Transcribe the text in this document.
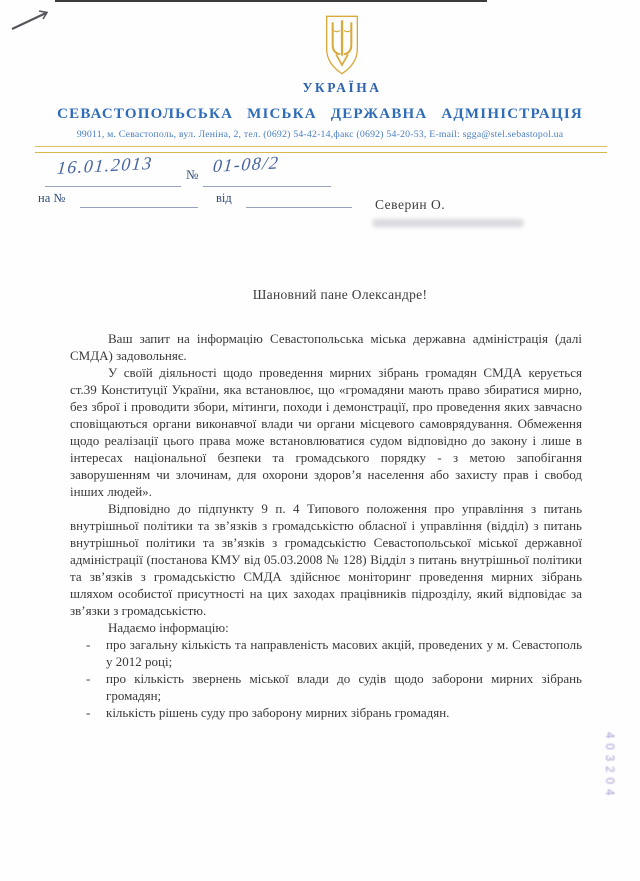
УКРАЇНА
СЕВАСТОПОЛЬСЬКА МІСЬКА ДЕРЖАВНА АДМІНІСТРАЦІЯ
99011, м. Севастополь, вул. Леніна, 2, тел. (0692) 54-42-14,факс (0692) 54-20-53, E-mail: sgga@stel.sebastopol.ua
16.01.2013 № 01-08/2
на №	від	Северин О.
Шановний пане Олександре!

Ваш запит на інформацію Севастопольська міська державна адміністрація (далі СМДА) задовольняє.

У своїй діяльності щодо проведення мирних зібрань громадян СМДА керується ст.39 Конституції України, яка встановлює, що «громадяни мають право збиратися мирно, без зброї і проводити збори, мітинги, походи і демонстрації, про проведення яких завчасно сповіщаються органи виконавчої влади чи органи місцевого самоврядування. Обмеження щодо реалізації цього права може встановлюватися судом відповідно до закону і лише в інтересах національної безпеки та громадського порядку - з метою запобігання заворушенням чи злочинам, для охорони здоров’я населення або захисту прав і свобод інших людей».

Відповідно до підпункту 9 п. 4 Типового положення про управління з питань внутрішньої політики та зв’язків з громадськістю обласної і управління (відділ) з питань внутрішньої політики та зв’язків з громадськістю Севастопольської міської державної адміністрації (постанова КМУ від 05.03.2008 № 128) Відділ з питань внутрішньої політики та зв’язків з громадськістю СМДА здійснює моніторинг проведення мирних зібрань шляхом особистої присутності на цих заходах працівників підрозділу, який відповідає за зв’язки з громадськістю.

Надаємо інформацію:

- про загальну кількість та направленість масових акцій, проведених у м. Севастополь у 2012 році;
- про кількість звернень міської влади до судів щодо заборони мирних зібрань громадян;
- кількість рішень суду про заборону мирних зібрань громадян.
403204
